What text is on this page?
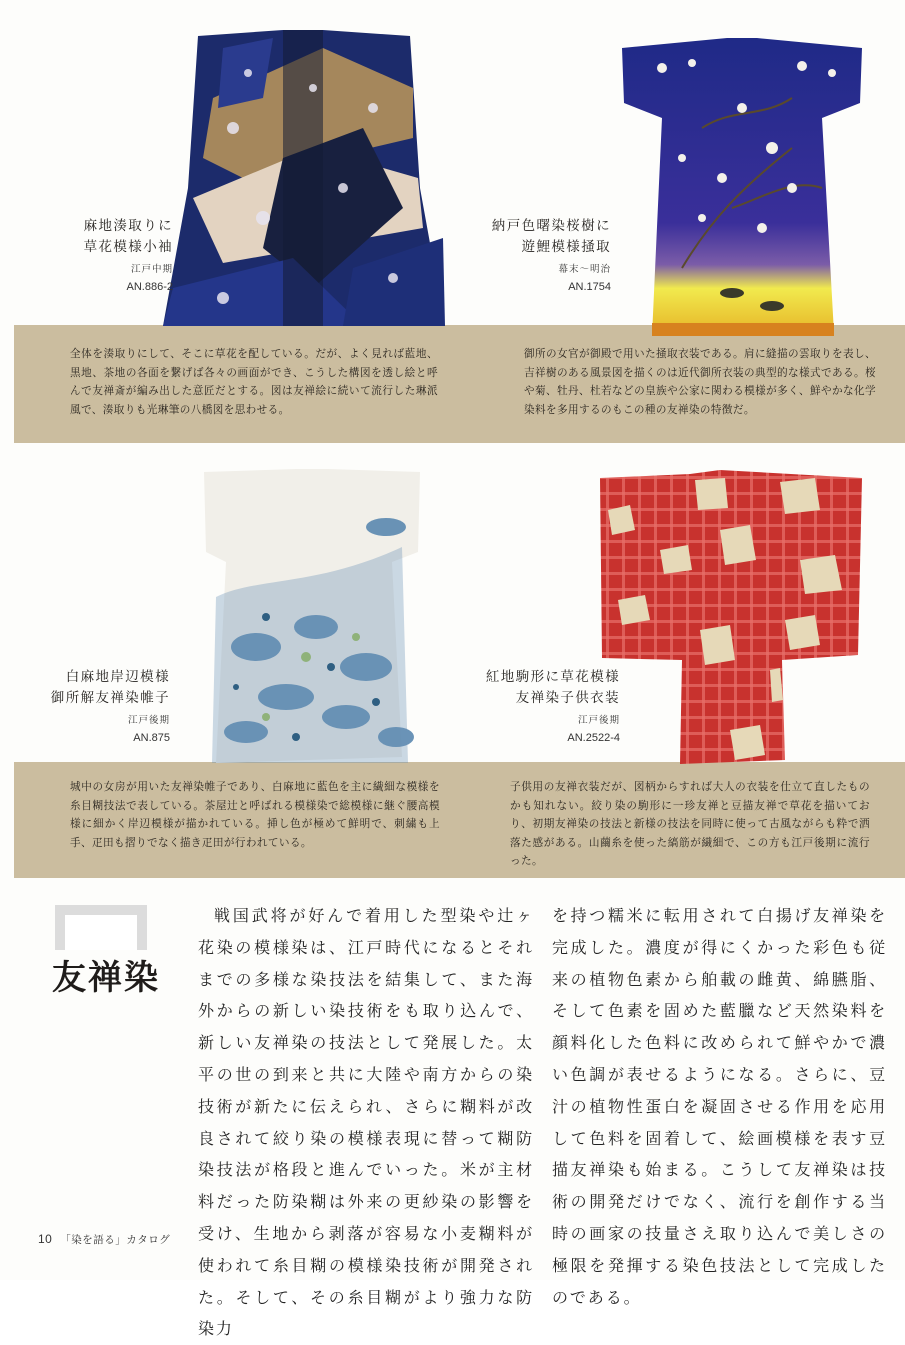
麻地湊取りに
草花模様小袖
江戸中期
AN.886-2
納戸色曙染桜樹に
遊鯉模様掻取
幕末～明治
AN.1754
全体を湊取りにして、そこに草花を配している。だが、よく見れば藍地、黒地、茶地の各面を繋げば各々の画面ができ、こうした構図を透し絵と呼んで友禅斎が編み出した意匠だとする。図は友禅絵に続いて流行した琳派風で、湊取りも光琳筆の八橋図を思わせる。
御所の女官が御殿で用いた掻取衣装である。肩に縫描の雲取りを表し、吉祥樹のある風景図を描くのは近代御所衣装の典型的な様式である。桜や菊、牡丹、杜若などの皇族や公家に関わる模様が多く、鮮やかな化学染料を多用するのもこの種の友禅染の特徴だ。
白麻地岸辺模様
御所解友禅染帷子
江戸後期
AN.875
紅地駒形に草花模様
友禅染子供衣装
江戸後期
AN.2522-4
城中の女房が用いた友禅染帷子であり、白麻地に藍色を主に繊細な模様を糸目糊技法で表している。茶屋辻と呼ばれる模様染で総模様に継ぐ腰高模様に細かく岸辺模様が描かれている。挿し色が極めて鮮明で、刺繍も上手、疋田も摺りでなく描き疋田が行われている。
子供用の友禅衣装だが、図柄からすれば大人の衣装を仕立て直したものかも知れない。絞り染の駒形に一珍友禅と豆描友禅で草花を描いており、初期友禅染の技法と新様の技法を同時に使って古風ながらも粋で洒落た感がある。山繭糸を使った縞筋が繊細で、この方も江戸後期に流行った。
友禅染
戦国武将が好んで着用した型染や辻ヶ花染の模様染は、江戸時代になるとそれまでの多様な染技法を結集して、また海外からの新しい染技術をも取り込んで、新しい友禅染の技法として発展した。太平の世の到来と共に大陸や南方からの染技術が新たに伝えられ、さらに糊料が改良されて絞り染の模様表現に替って糊防染技法が格段と進んでいった。米が主材料だった防染糊は外来の更紗染の影響を受け、生地から剥落が容易な小麦糊料が使われて糸目糊の模様染技術が開発された。そして、その糸目糊がより強力な防染力
を持つ糯米に転用されて白揚げ友禅染を完成した。濃度が得にくかった彩色も従来の植物色素から舶載の雌黄、綿臙脂、そして色素を固めた藍臘など天然染料を顔料化した色料に改められて鮮やかで濃い色調が表せるようになる。さらに、豆汁の植物性蛋白を凝固させる作用を応用して色料を固着して、絵画模様を表す豆描友禅染も始まる。こうして友禅染は技術の開発だけでなく、流行を創作する当時の画家の技量さえ取り込んで美しさの極限を発揮する染色技法として完成したのである。
10 「染を語る」カタログ
